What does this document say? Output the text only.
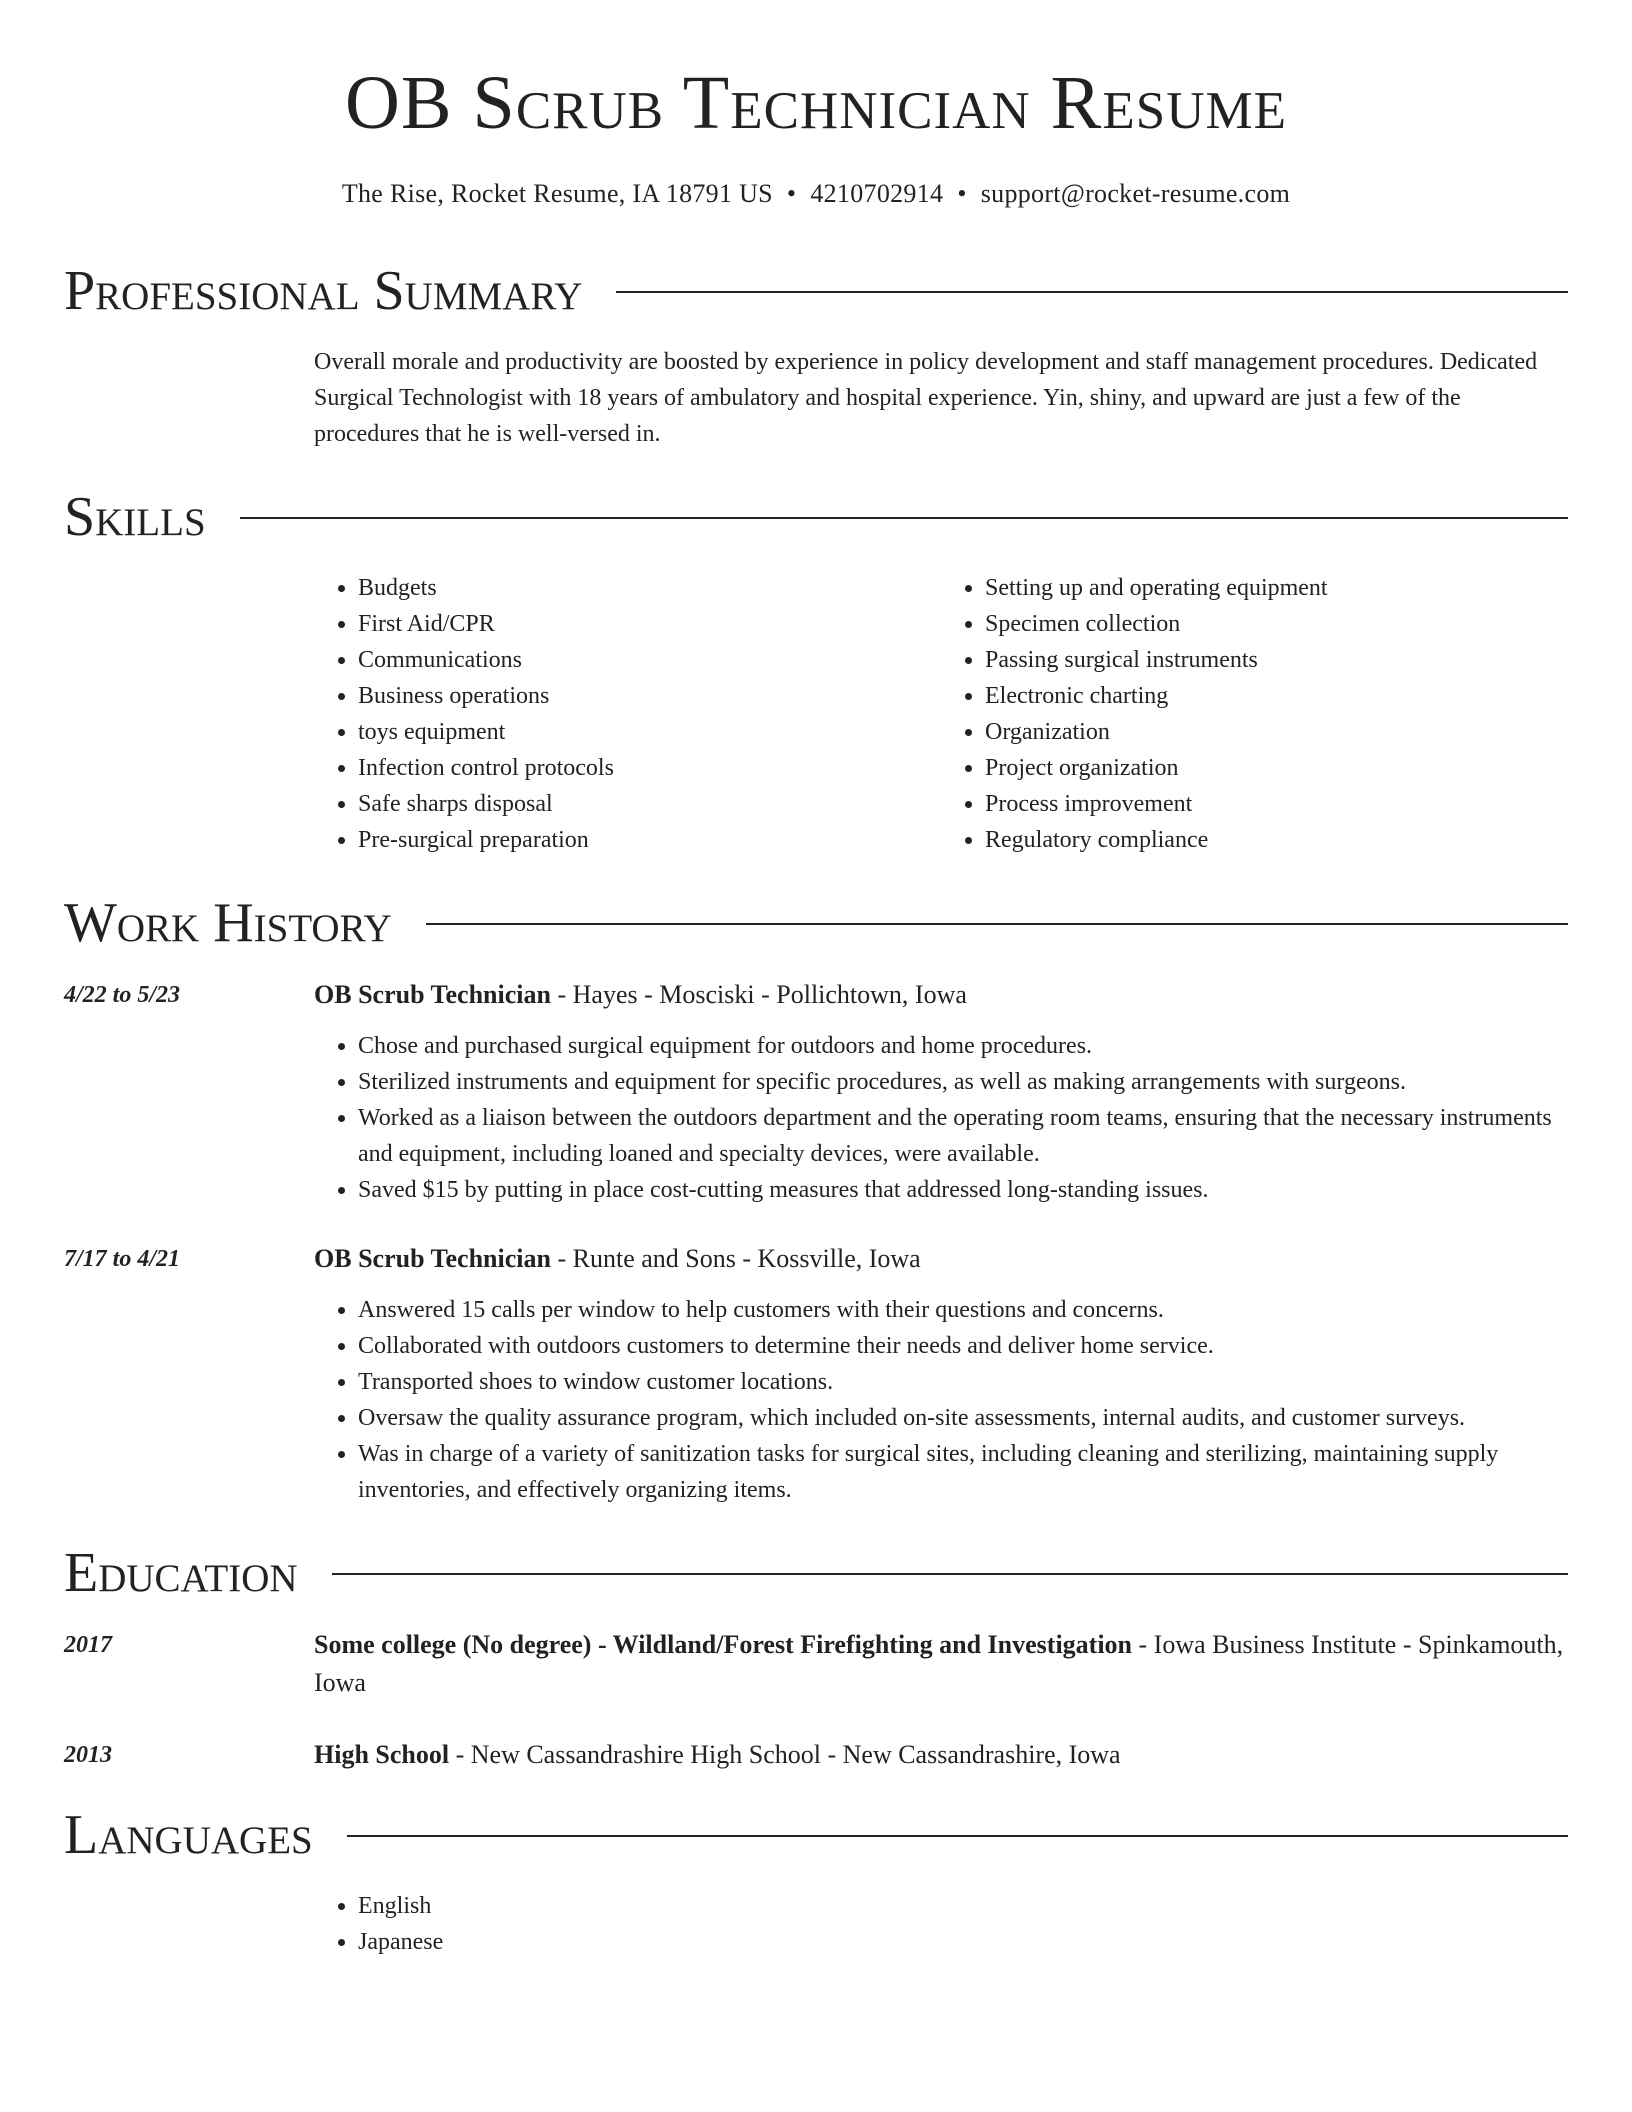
OB Scrub Technician Resume
The Rise, Rocket Resume, IA 18791 US • 4210702914 • support@rocket-resume.com
Professional Summary
Overall morale and productivity are boosted by experience in policy development and staff management procedures. Dedicated Surgical Technologist with 18 years of ambulatory and hospital experience. Yin, shiny, and upward are just a few of the procedures that he is well-versed in.
Skills
• Budgets
• First Aid/CPR
• Communications
• Business operations
• toys equipment
• Infection control protocols
• Safe sharps disposal
• Pre-surgical preparation
• Setting up and operating equipment
• Specimen collection
• Passing surgical instruments
• Electronic charting
• Organization
• Project organization
• Process improvement
• Regulatory compliance
Work History
4/22 to 5/23	OB Scrub Technician - Hayes - Mosciski - Pollichtown, Iowa
• Chose and purchased surgical equipment for outdoors and home procedures.
• Sterilized instruments and equipment for specific procedures, as well as making arrangements with surgeons.
• Worked as a liaison between the outdoors department and the operating room teams, ensuring that the necessary instruments and equipment, including loaned and specialty devices, were available.
• Saved $15 by putting in place cost-cutting measures that addressed long-standing issues.
7/17 to 4/21	OB Scrub Technician - Runte and Sons - Kossville, Iowa
• Answered 15 calls per window to help customers with their questions and concerns.
• Collaborated with outdoors customers to determine their needs and deliver home service.
• Transported shoes to window customer locations.
• Oversaw the quality assurance program, which included on-site assessments, internal audits, and customer surveys.
• Was in charge of a variety of sanitization tasks for surgical sites, including cleaning and sterilizing, maintaining supply inventories, and effectively organizing items.
Education
2017	Some college (No degree) - Wildland/Forest Firefighting and Investigation - Iowa Business Institute - Spinkamouth, Iowa
2013	High School - New Cassandrashire High School - New Cassandrashire, Iowa
Languages
• English
• Japanese
